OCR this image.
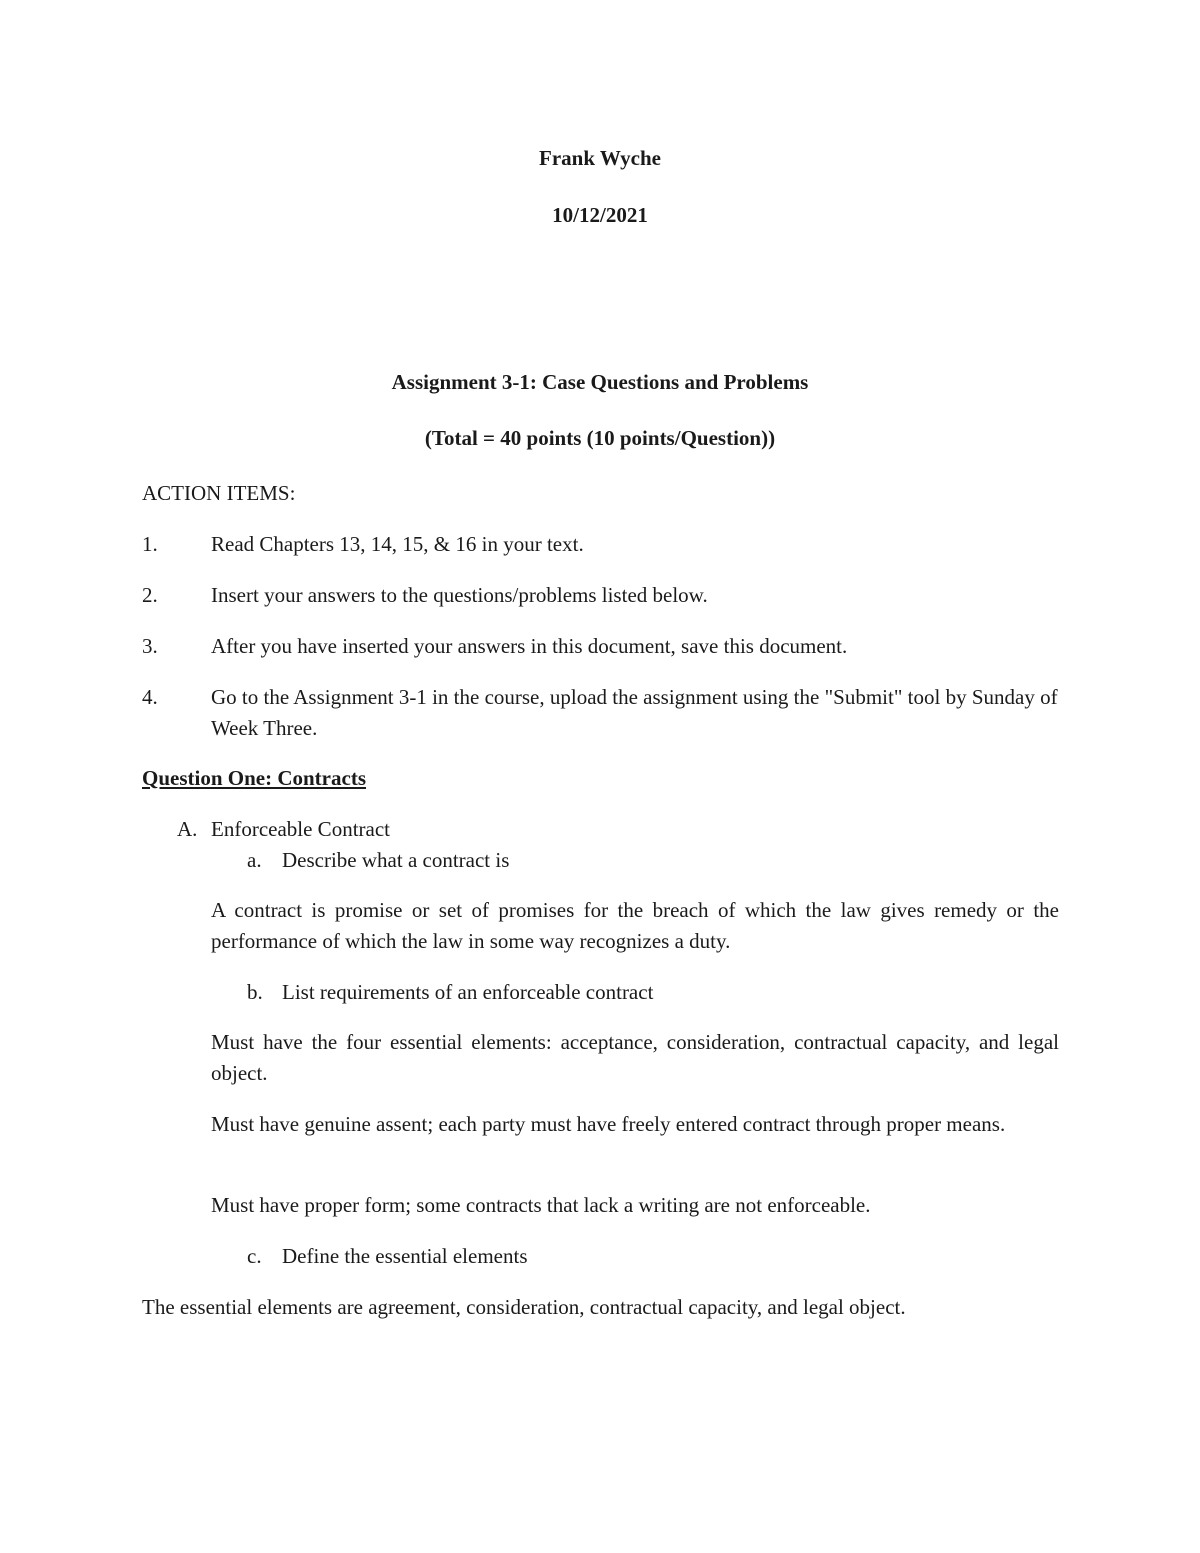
Frank Wyche
10/12/2021
Assignment 3-1: Case Questions and Problems
(Total = 40 points (10 points/Question))
ACTION ITEMS:
1.	Read Chapters 13, 14, 15, & 16 in your text.
2.	Insert your answers to the questions/problems listed below.
3.	After you have inserted your answers in this document, save this document.
4.	Go to the Assignment 3-1 in the course, upload the assignment using the "Submit" tool by Sunday of Week Three.
Question One: Contracts
A. Enforceable Contract
a. Describe what a contract is
A contract is promise or set of promises for the breach of which the law gives remedy or the performance of which the law in some way recognizes a duty.
b. List requirements of an enforceable contract
Must have the four essential elements: acceptance, consideration, contractual capacity, and legal object.
Must have genuine assent; each party must have freely entered contract through proper means.
Must have proper form; some contracts that lack a writing are not enforceable.
c. Define the essential elements
The essential elements are agreement, consideration, contractual capacity, and legal object.
